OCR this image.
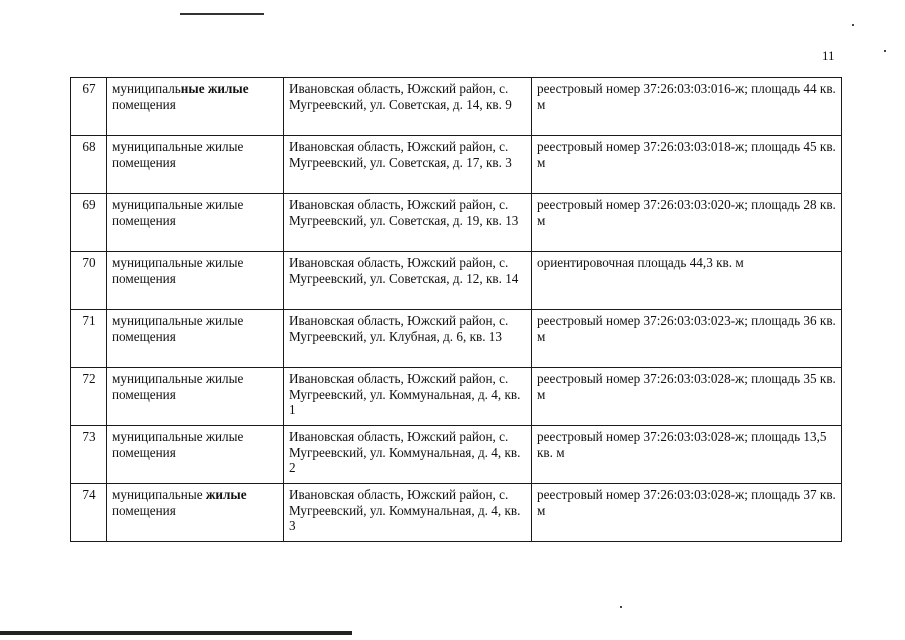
11
67	муниципальные жилые помещения	Ивановская область, Южский район, с. Мугреевский, ул. Советская, д. 14, кв. 9	реестровый номер 37:26:03:03:016-ж; площадь 44 кв. м
68	муниципальные жилые помещения	Ивановская область, Южский район, с. Мугреевский, ул. Советская, д. 17, кв. 3	реестровый номер 37:26:03:03:018-ж; площадь 45 кв. м
69	муниципальные жилые помещения	Ивановская область, Южский район, с. Мугреевский, ул. Советская, д. 19, кв. 13	реестровый номер 37:26:03:03:020-ж; площадь 28 кв. м
70	муниципальные жилые помещения	Ивановская область, Южский район, с. Мугреевский, ул. Советская, д. 12, кв. 14	ориентировочная площадь 44,3 кв. м
71	муниципальные жилые помещения	Ивановская область, Южский район, с. Мугреевский, ул. Клубная, д. 6, кв. 13	реестровый номер 37:26:03:03:023-ж; площадь 36 кв. м
72	муниципальные жилые помещения	Ивановская область, Южский район, с. Мугреевский, ул. Коммунальная, д. 4, кв. 1	реестровый номер 37:26:03:03:028-ж; площадь 35 кв. м
73	муниципальные жилые помещения	Ивановская область, Южский район, с. Мугреевский, ул. Коммунальная, д. 4, кв. 2	реестровый номер 37:26:03:03:028-ж; площадь 13,5 кв. м
74	муниципальные жилые помещения	Ивановская область, Южский район, с. Мугреевский, ул. Коммунальная, д. 4, кв. 3	реестровый номер 37:26:03:03:028-ж; площадь 37 кв. м
